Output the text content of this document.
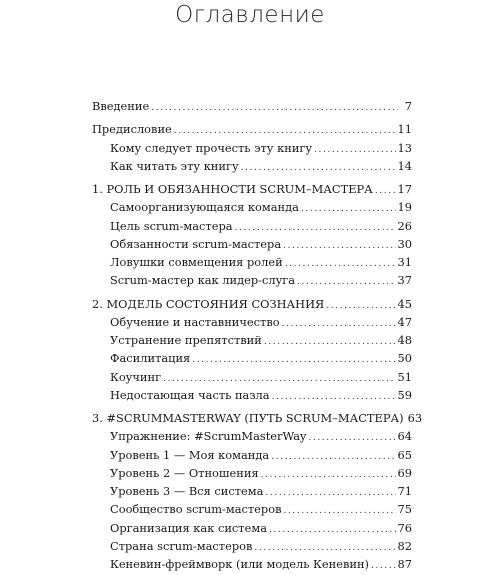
Оглавление
Введение .....	7
Предисловие .....	11
Кому следует прочесть эту книгу .....	13
Как читать эту книгу .....	14
1. РОЛЬ И ОБЯЗАННОСТИ SCRUM–МАСТЕРА ..... 17
Самоорганизующаяся команда .....	19
Цель scrum-мастера .....	26
Обязанности scrum-мастера .....	30
Ловушки совмещения ролей .....	31
Scrum-мастер как лидер-слуга .....	37
2. МОДЕЛЬ СОСТОЯНИЯ СОЗНАНИЯ .....	45
Обучение и наставничество .....	47
Устранение препятствий .....	48
Фасилитация .....	50
Коучинг .....	51
Недостающая часть пазла .....	59
3. #SCRUMMASTERWAY (ПУТЬ SCRUM–МАСТЕРА) 63
Упражнение: #ScrumMasterWay .....	64
Уровень 1 — Моя команда .....	65
Уровень 2 — Отношения .....	69
Уровень 3 — Вся система .....	71
Сообщество scrum-мастеров .....	75
Организация как система .....	76
Страна scrum-мастеров .....	82
Кеневин-фреймворк (или модель Кеневин) .....	87
